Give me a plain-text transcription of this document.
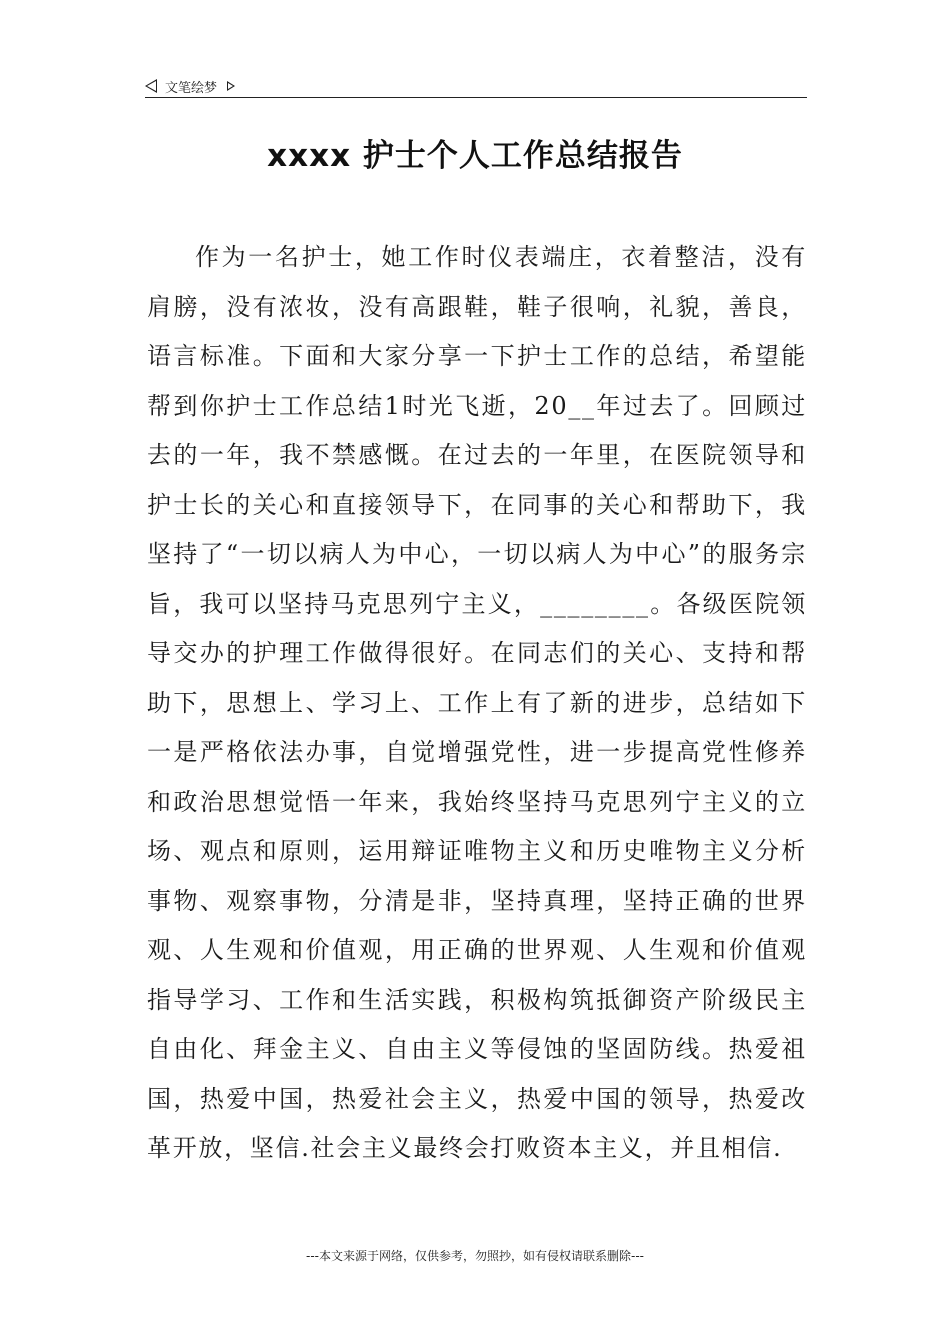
文笔绘梦
xxxx 护士个人工作总结报告
作为一名护士，她工作时仪表端庄，衣着整洁，没有肩膀，没有浓妆，没有高跟鞋，鞋子很响，礼貌，善良，语言标准。下面和大家分享一下护士工作的总结，希望能帮到你护士工作总结1时光飞逝，20__年过去了。回顾过去的一年，我不禁感慨。在过去的一年里，在医院领导和护士长的关心和直接领导下，在同事的关心和帮助下，我坚持了“一切以病人为中心，一切以病人为中心”的服务宗旨，我可以坚持马克思列宁主义，________。各级医院领导交办的护理工作做得很好。在同志们的关心、支持和帮助下，思想上、学习上、工作上有了新的进步，总结如下一是严格依法办事，自觉增强党性，进一步提高党性修养和政治思想觉悟一年来，我始终坚持马克思列宁主义的立场、观点和原则，运用辩证唯物主义和历史唯物主义分析事物、观察事物，分清是非，坚持真理，坚持正确的世界观、人生观和价值观，用正确的世界观、人生观和价值观指导学习、工作和生活实践，积极构筑抵御资产阶级民主自由化、拜金主义、自由主义等侵蚀的坚固防线。热爱祖国，热爱中国，热爱社会主义，热爱中国的领导，热爱改革开放，坚信.社会主义最终会打败资本主义，并且相信.
---本文来源于网络，仅供参考，勿照抄，如有侵权请联系删除---
